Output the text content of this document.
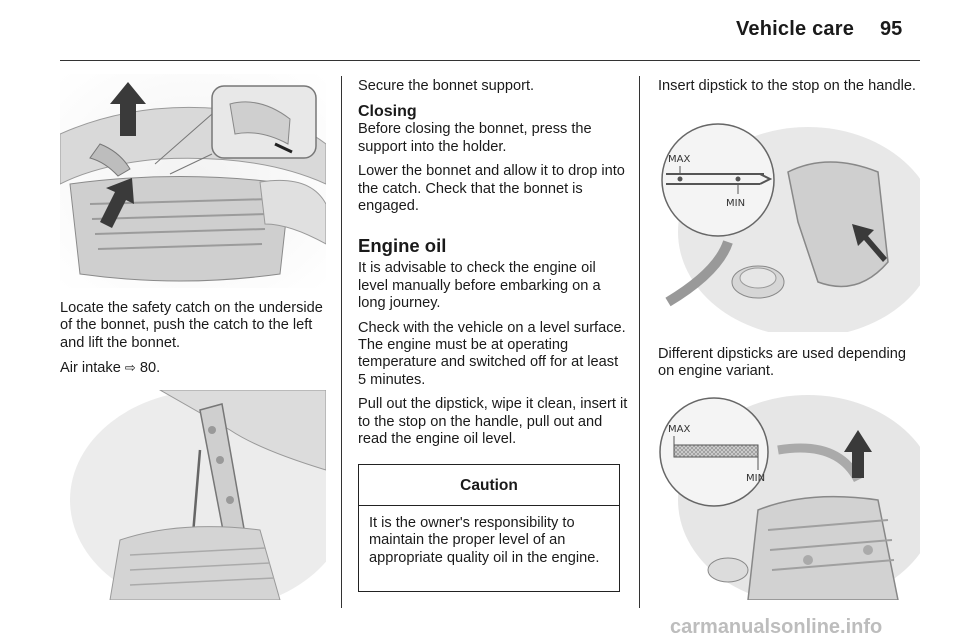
Vehicle care 95

Locate the safety catch on the underside of the bonnet, push the catch to the left and lift the bonnet.

Air intake ⇨ 80.

Secure the bonnet support.

Closing

Before closing the bonnet, press the support into the holder.

Lower the bonnet and allow it to drop into the catch. Check that the bonnet is engaged.

Engine oil

It is advisable to check the engine oil level manually before embarking on a long journey.

Check with the vehicle on a level surface. The engine must be at operating temperature and switched off for at least 5 minutes.

Pull out the dipstick, wipe it clean, insert it to the stop on the handle, pull out and read the engine oil level.

Caution
It is the owner's responsibility to maintain the proper level of an appropriate quality oil in the engine.

Insert dipstick to the stop on the handle.

MAX
MIN

Different dipsticks are used depending on engine variant.

MAX
MIN
carmanualsonline.info
